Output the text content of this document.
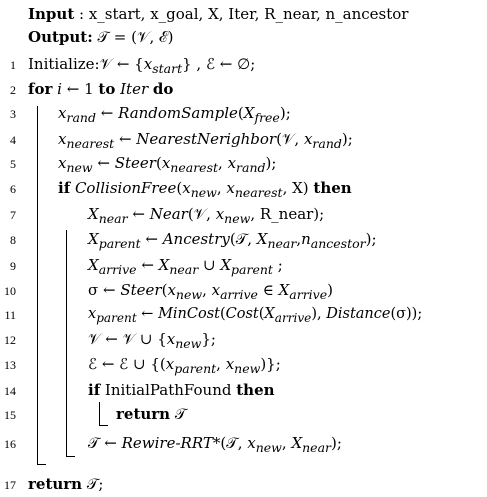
Input : x_start, x_goal, X, Iter, R_near, n_ancestor
Output: 𝒯 = (𝒱, ℰ)
1 Initialize:𝒱 ← $\{x_{start}\}$ , ℰ ← ∅;
2 for i ← 1 to Iter do
3	$x_{rand}$ ← $RandomSample(X_{free})$;
4	$x_{nearest}$ ← NearestNerighbor(𝒱, $x_{rand}$);
5	$x_{new}$ ← $Steer(x_{nearest}$, $x_{rand}$);
6	if $CollisionFree(x_{new}$, $x_{nearest}$, X) then
7	$X_{near}$ ← Near(𝒱, $x_{new}$, R_near);
8	$X_{parent}$ ← Ancestry(𝒯, $X_{near},n_{ancestor}$);
9	$X_{arrive}$ ← $X_{near}$ ∪ $X_{parent}$ ;
10	σ ← $Steer(x_{new}$, $x_{arrive}$ ∈ $X_{arrive}$)
11	$x_{parent}$ ← $MinCost(Cost(X_{arrive})$, Distance(σ));
12	𝒱 ← 𝒱 ∪ $\{x_{new}\}$;
13	ℰ ← ℰ ∪ {($x_{parent}$, $x_{new}$)};
14	if InitialPathFound then
15	return 𝒯
16	𝒯 ← Rewire-RRT*(𝒯, $x_{new}$, $X_{near}$);
17 return 𝒯;
